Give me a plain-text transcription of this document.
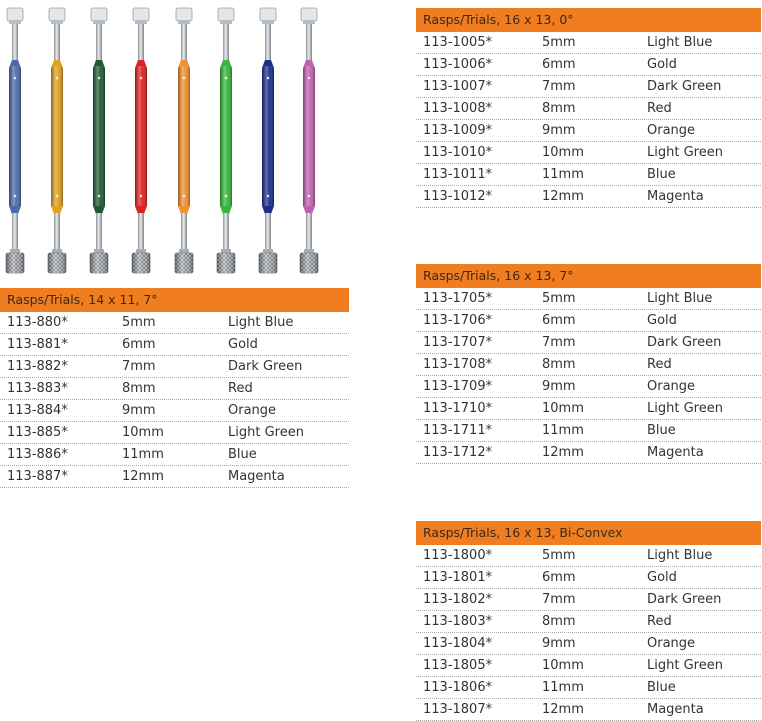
Rasps/Trials, 14 x 11, 7°
113-880*	5mm	Light Blue
113-881*	6mm	Gold
113-882*	7mm	Dark Green
113-883*	8mm	Red
113-884*	9mm	Orange
113-885*	10mm	Light Green
113-886*	11mm	Blue
113-887*	12mm	Magenta
Rasps/Trials, 16 x 13, 0°
113-1005*	5mm	Light Blue
113-1006*	6mm	Gold
113-1007*	7mm	Dark Green
113-1008*	8mm	Red
113-1009*	9mm	Orange
113-1010*	10mm	Light Green
113-1011*	11mm	Blue
113-1012*	12mm	Magenta
Rasps/Trials, 16 x 13, 7°
113-1705*	5mm	Light Blue
113-1706*	6mm	Gold
113-1707*	7mm	Dark Green
113-1708*	8mm	Red
113-1709*	9mm	Orange
113-1710*	10mm	Light Green
113-1711*	11mm	Blue
113-1712*	12mm	Magenta
Rasps/Trials, 16 x 13, Bi-Convex
113-1800*	5mm	Light Blue
113-1801*	6mm	Gold
113-1802*	7mm	Dark Green
113-1803*	8mm	Red
113-1804*	9mm	Orange
113-1805*	10mm	Light Green
113-1806*	11mm	Blue
113-1807*	12mm	Magenta
